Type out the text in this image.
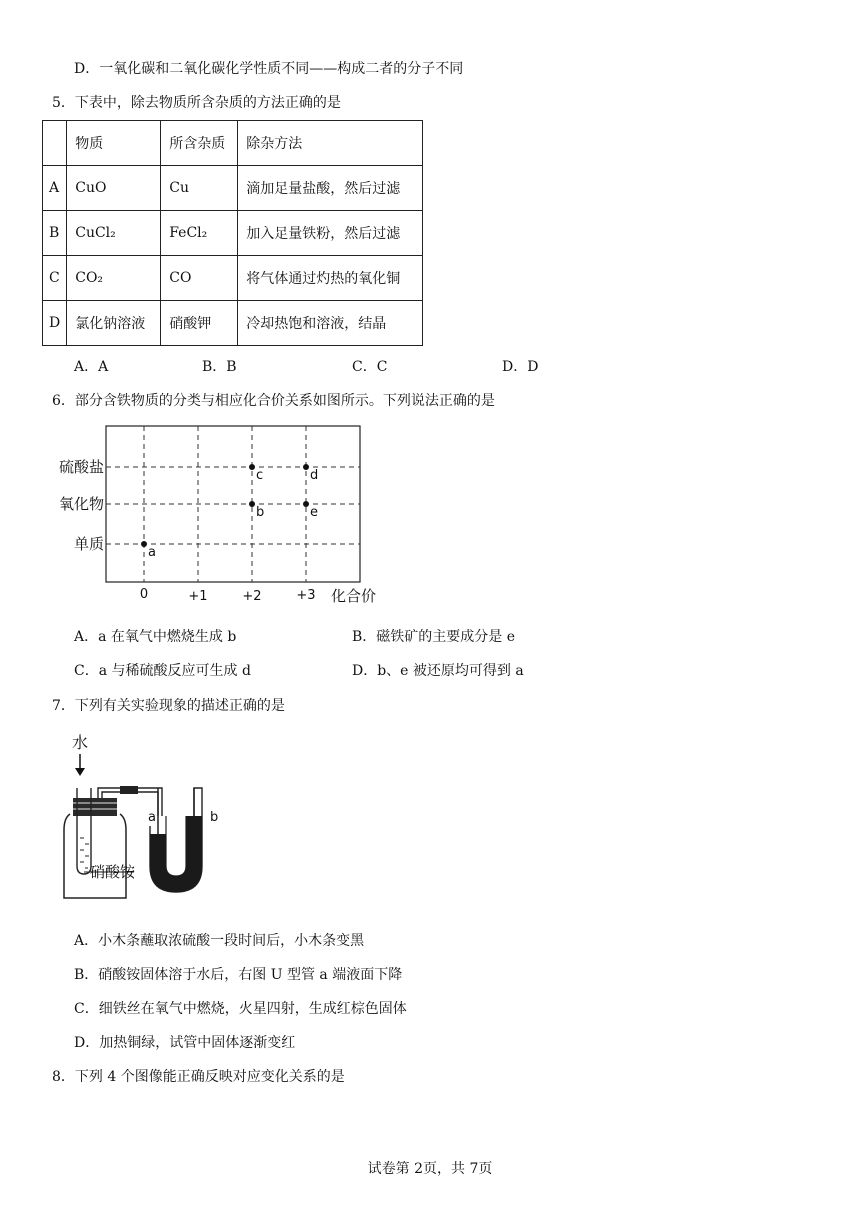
D．一氧化碳和二氧化碳化学性质不同——构成二者的分子不同
5．下表中，除去物质所含杂质的方法正确的是
	物质	所含杂质	除杂方法
A	CuO	Cu	滴加足量盐酸，然后过滤
B	CuCl₂	FeCl₂	加入足量铁粉，然后过滤
C	CO₂	CO	将气体通过灼热的氧化铜
D	氯化钠溶液	硝酸钾	冷却热饱和溶液，结晶
A．A	B．B	C．C	D．D
6．部分含铁物质的分类与相应化合价关系如图所示。下列说法正确的是
硫酸盐
氧化物
单质
0	+1	+2	+3 化合价
a
b
c	d
e
A．a 在氧气中燃烧生成 b	B．磁铁矿的主要成分是 e
C．a 与稀硫酸反应可生成 d	D．b、e 被还原均可得到 a
7．下列有关实验现象的描述正确的是
水
a	b
硝酸铵
A．小木条蘸取浓硫酸一段时间后，小木条变黑
B．硝酸铵固体溶于水后，右图 U 型管 a 端液面下降
C．细铁丝在氧气中燃烧，火星四射，生成红棕色固体
D．加热铜绿，试管中固体逐渐变红
8．下列 4 个图像能正确反映对应变化关系的是
试卷第 2页，共 7页
